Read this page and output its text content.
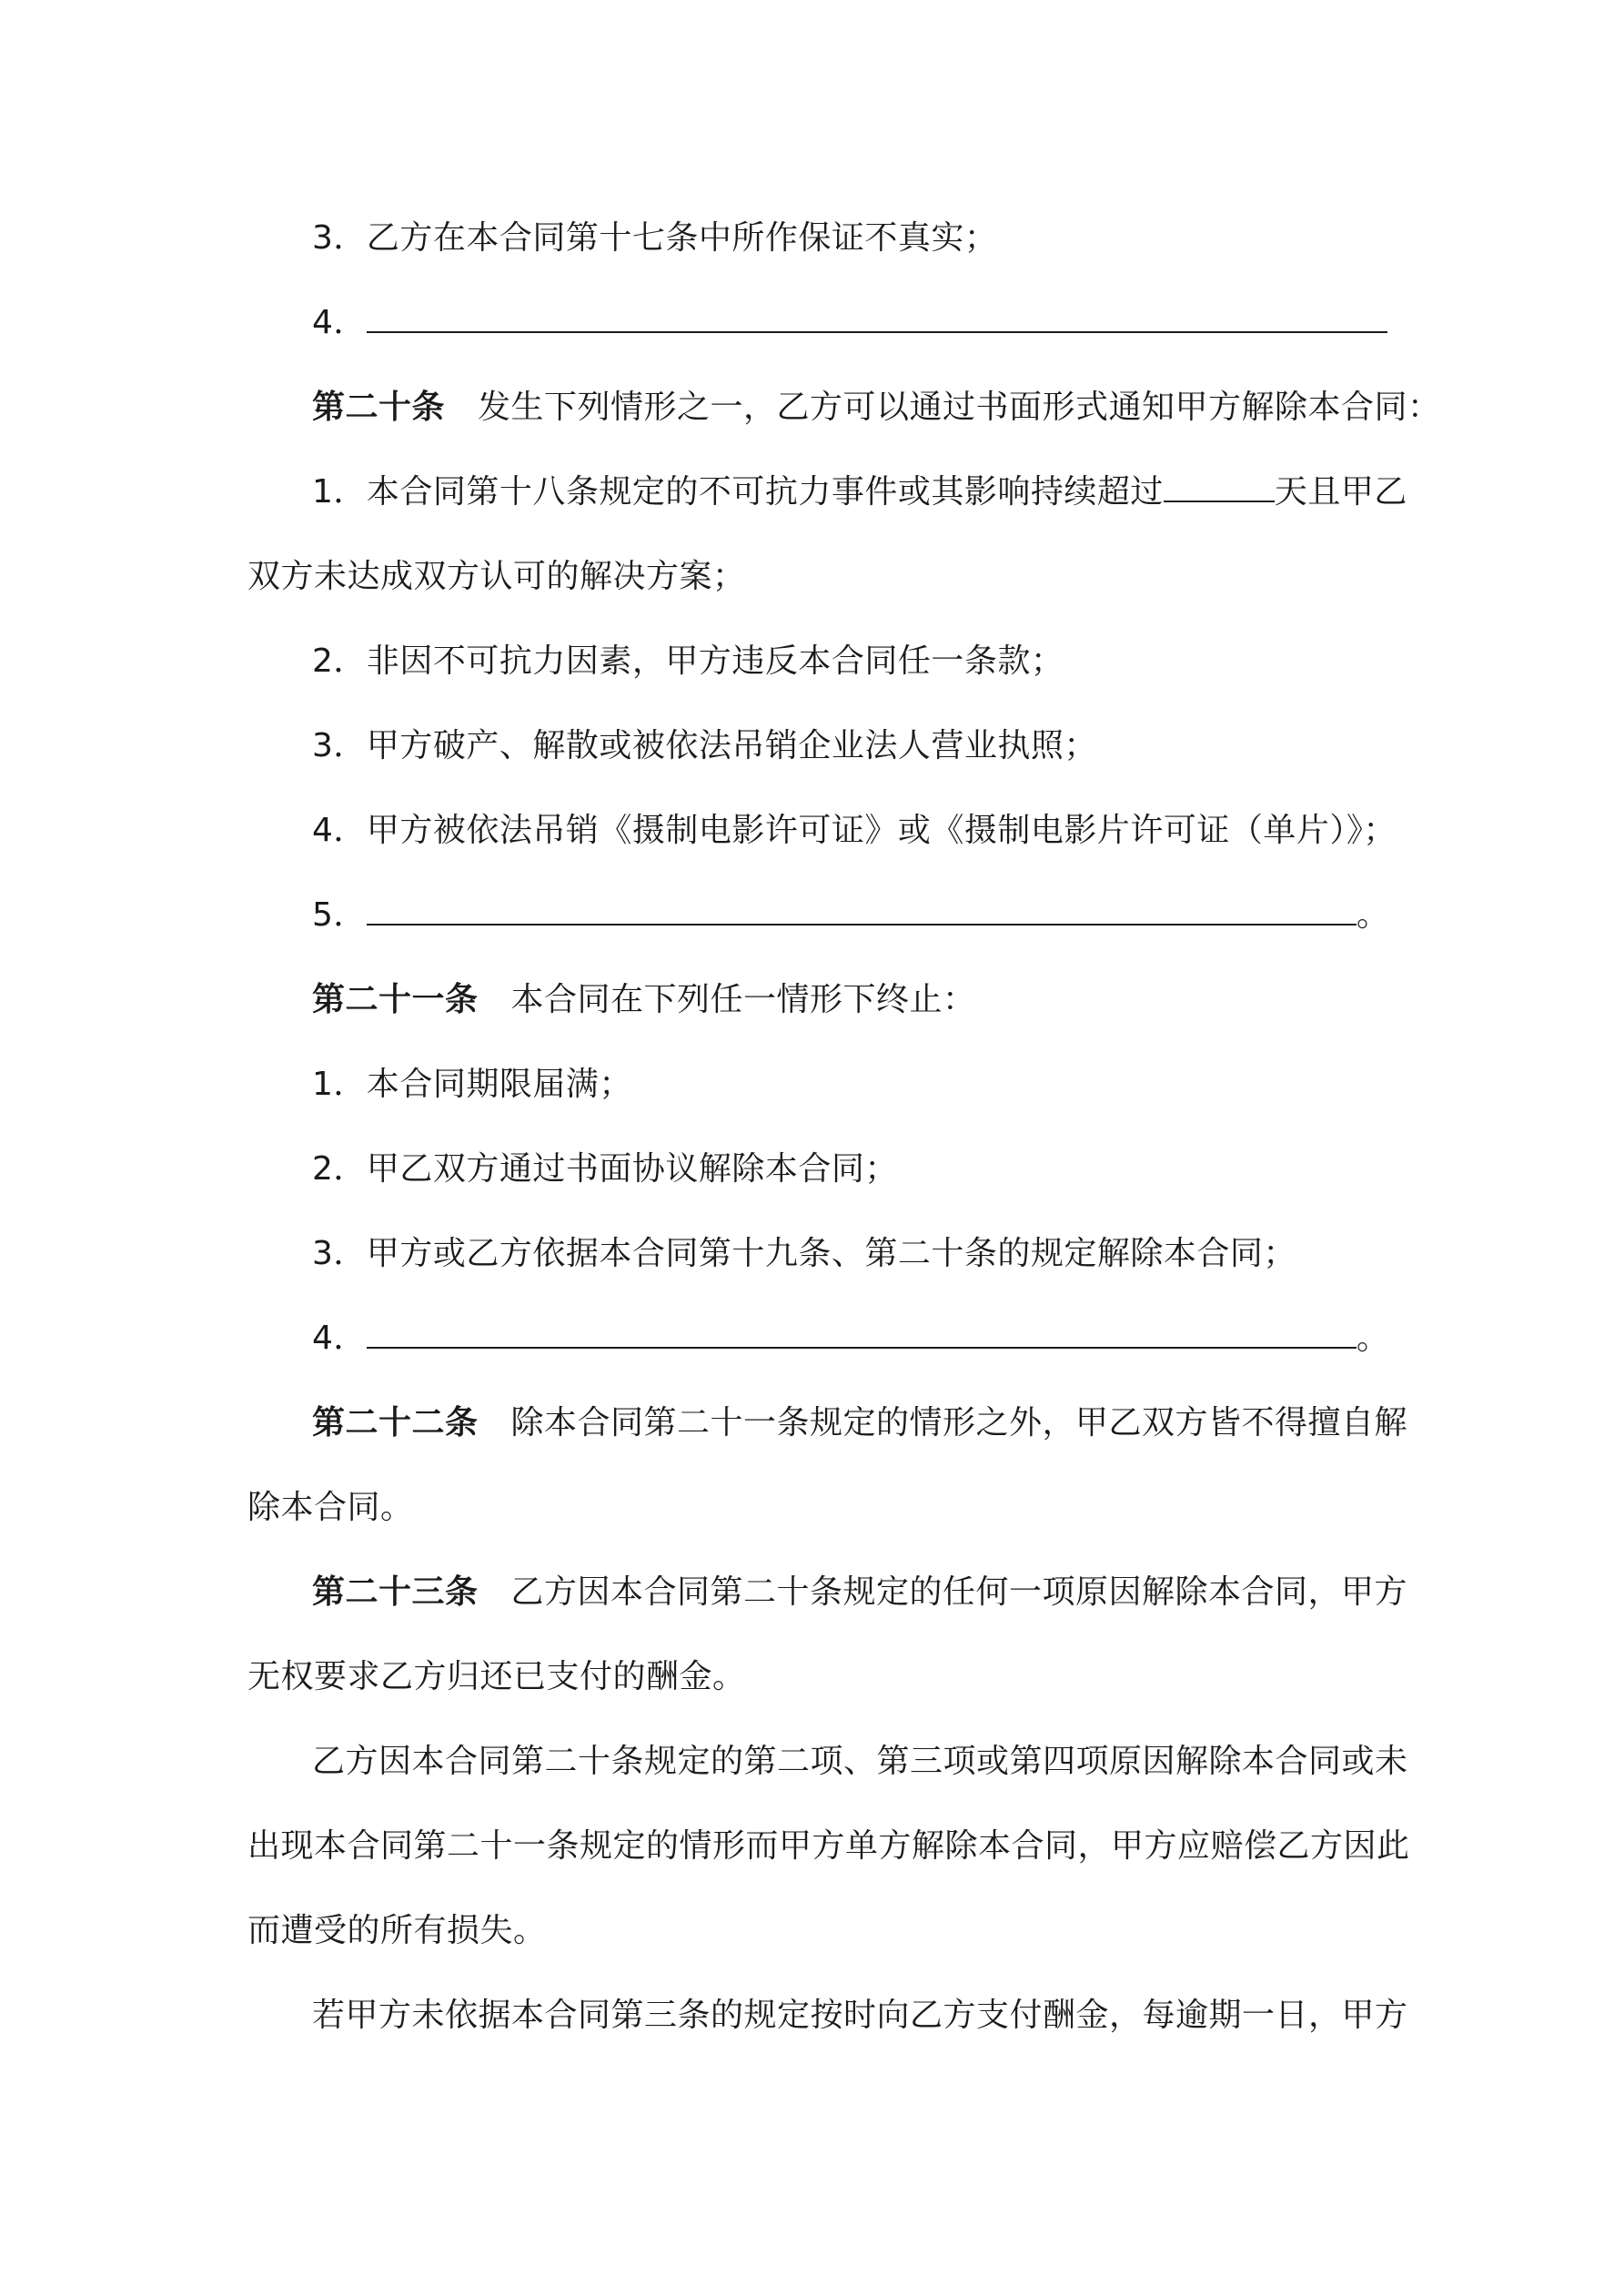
3．乙方在本合同第十七条中所作保证不真实；
4．
第二十条 发生下列情形之一，乙方可以通过书面形式通知甲方解除本合同：
1．本合同第十八条规定的不可抗力事件或其影响持续超过	天且甲乙
双方未达成双方认可的解决方案；
2．非因不可抗力因素，甲方违反本合同任一条款；
3．甲方破产、解散或被依法吊销企业法人营业执照；
4．甲方被依法吊销《摄制电影许可证》或《摄制电影片许可证（单片）》；
5．	。
第二十一条 本合同在下列任一情形下终止：
1．本合同期限届满；
2．甲乙双方通过书面协议解除本合同；
3．甲方或乙方依据本合同第十九条、第二十条的规定解除本合同；
4．	。
第二十二条 除本合同第二十一条规定的情形之外，甲乙双方皆不得擅自解
除本合同。
第二十三条 乙方因本合同第二十条规定的任何一项原因解除本合同，甲方
无权要求乙方归还已支付的酬金。
乙方因本合同第二十条规定的第二项、第三项或第四项原因解除本合同或未
出现本合同第二十一条规定的情形而甲方单方解除本合同，甲方应赔偿乙方因此
而遭受的所有损失。
若甲方未依据本合同第三条的规定按时向乙方支付酬金，每逾期一日，甲方
